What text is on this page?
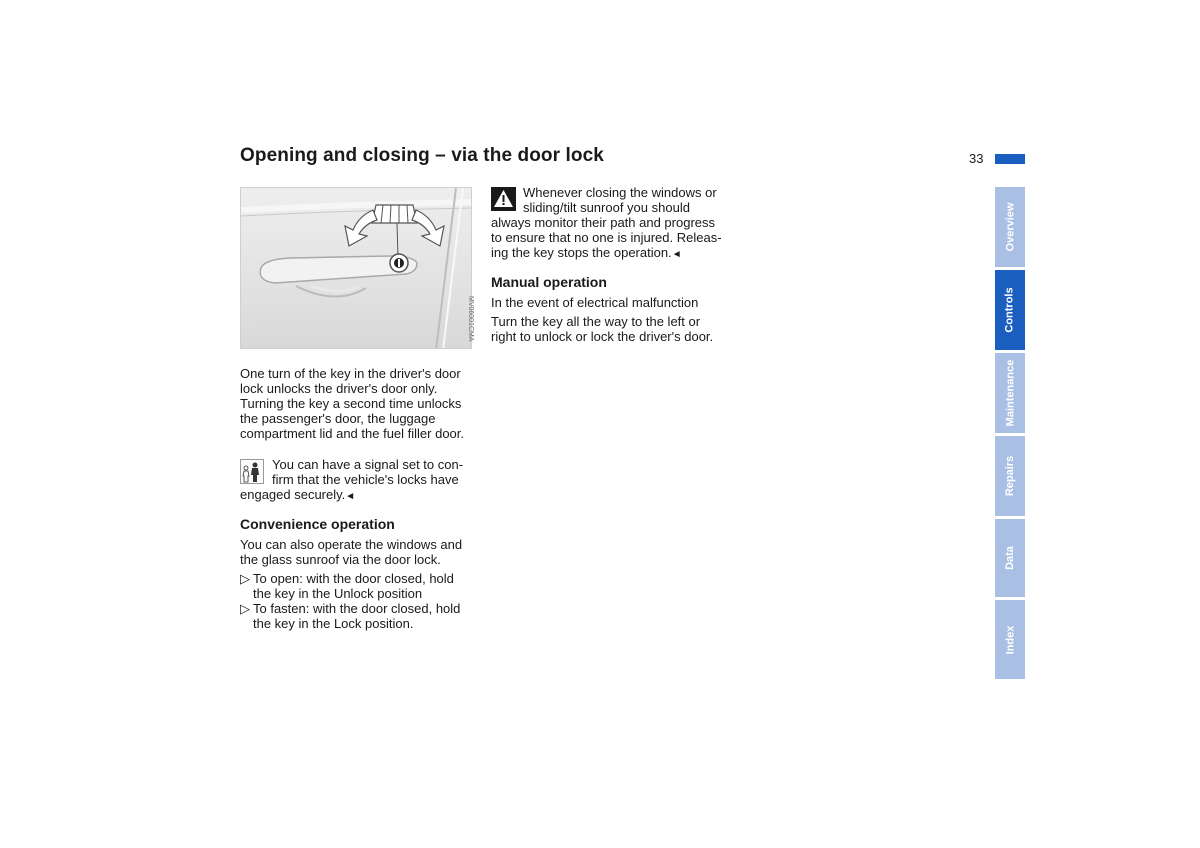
Opening and closing – via the door lock	33
MV06001CMA
One turn of the key in the driver's door
lock unlocks the driver's door only.
Turning the key a second time unlocks
the passenger's door, the luggage
compartment lid and the fuel filler door.
You can have a signal set to con-
firm that the vehicle's locks have
engaged securely.◄
Convenience operation
You can also operate the windows and
the glass sunroof via the door lock.
▷ To open: with the door closed, hold
the key in the Unlock position
▷ To fasten: with the door closed, hold
the key in the Lock position.
Whenever closing the windows or
sliding/tilt sunroof you should
always monitor their path and progress
to ensure that no one is injured. Releas-
ing the key stops the operation.◄
Manual operation
In the event of electrical malfunction
Turn the key all the way to the left or
right to unlock or lock the driver's door.
Overview
Controls
Maintenance
Repairs
Data
Index
